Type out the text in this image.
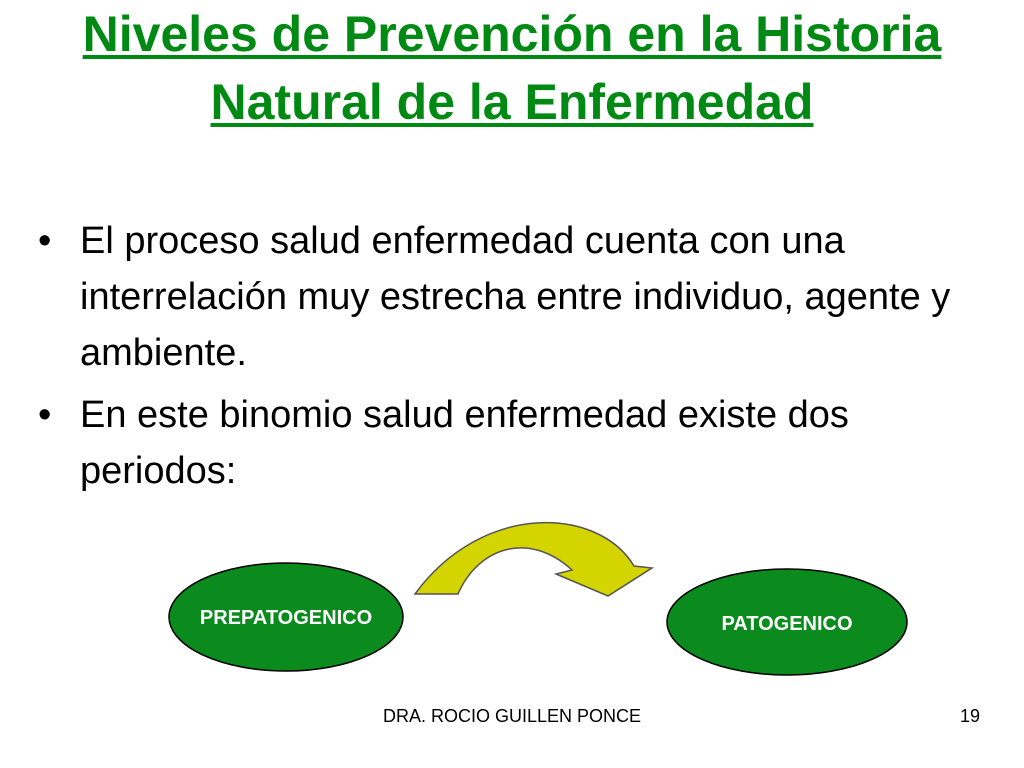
Niveles de Prevención en la Historia Natural de la Enfermedad
• El proceso salud enfermedad cuenta con una interrelación muy estrecha entre individuo, agente y ambiente.
• En este binomio salud enfermedad existe dos periodos:
PREPATOGENICO	PATOGENICO
DRA. ROCIO GUILLEN PONCE	19
